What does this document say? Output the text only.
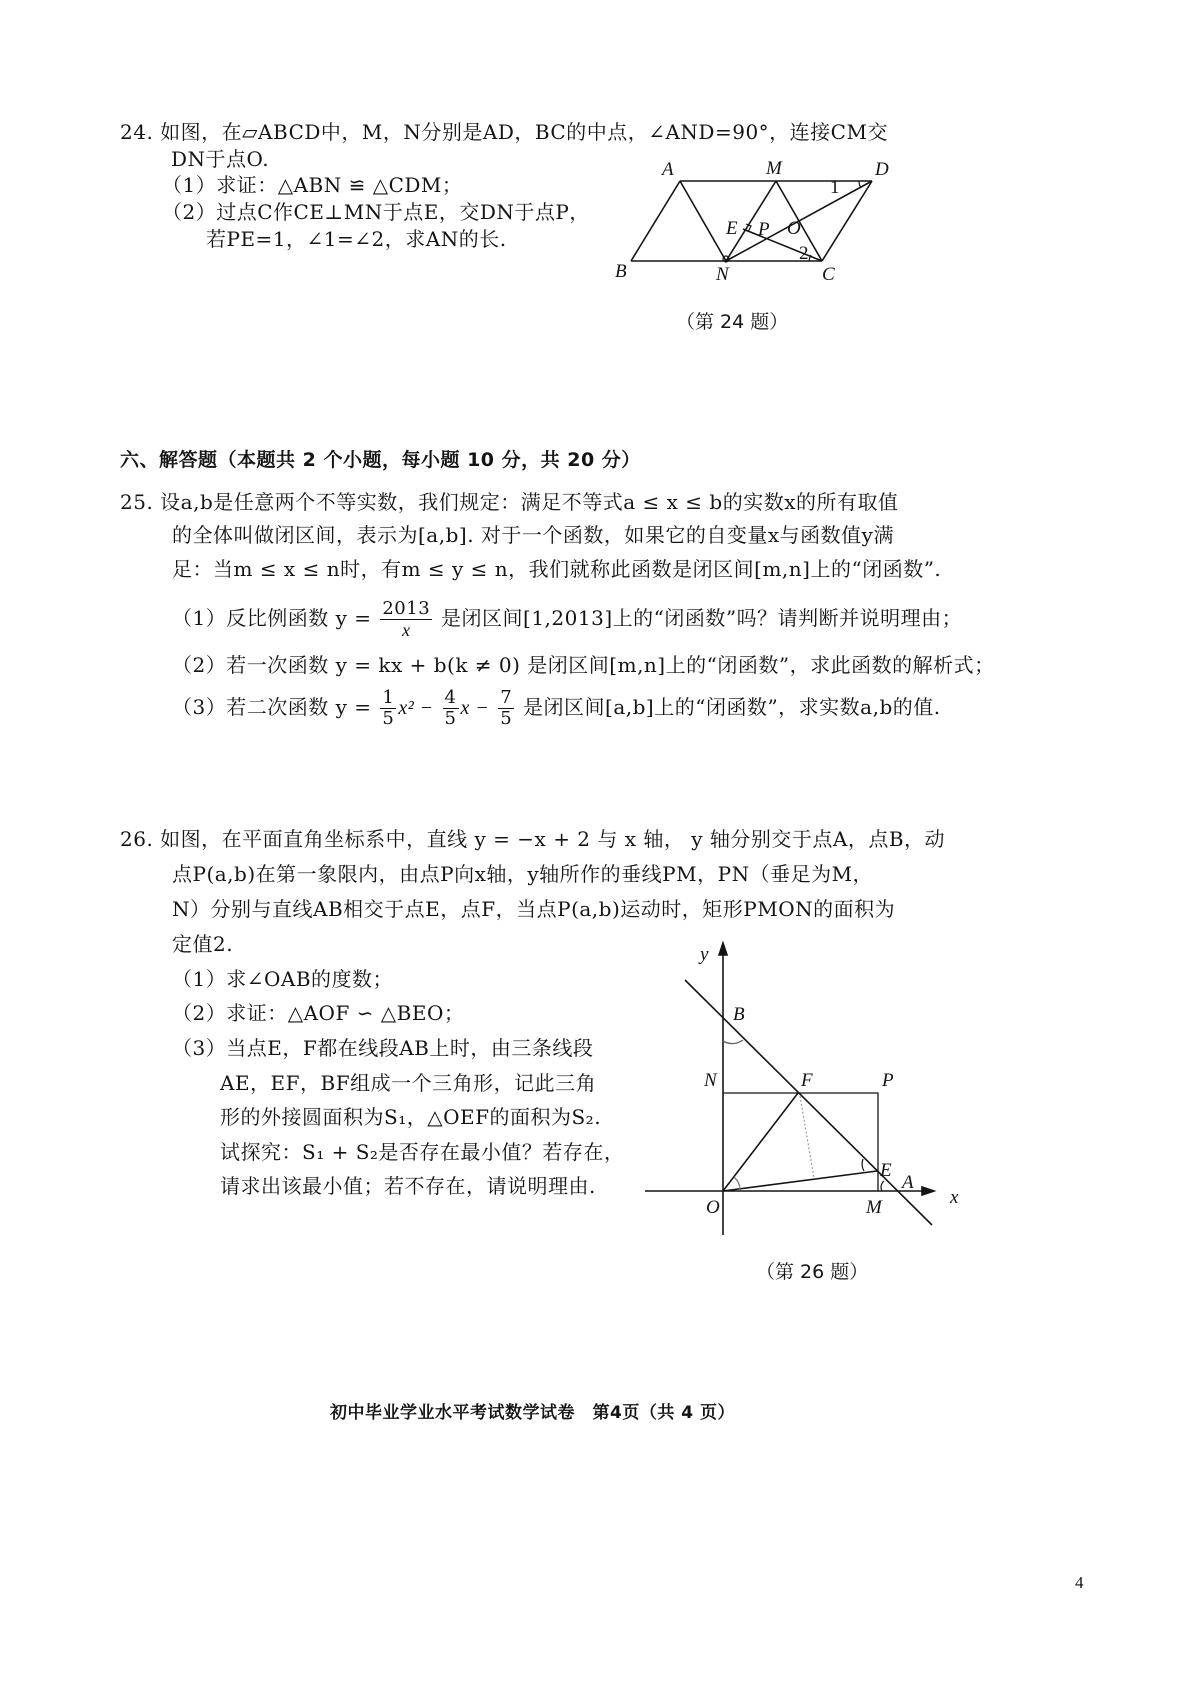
24. 如图，在▱ABCD中，M，N分别是AD，BC的中点，∠AND=90°，连接CM交
DN于点O.
（1）求证：△ABN ≌ △CDM；
（2）过点C作CE⊥MN于点E，交DN于点P，
若PE=1，∠1=∠2，求AN的长.
A	M	D
B	N	C
E P O
1
2
（第 24 题）
六、解答题（本题共 2 个小题，每小题 10 分，共 20 分）
25. 设a,b是任意两个不等实数，我们规定：满足不等式a ≤ x ≤ b的实数x的所有取值
的全体叫做闭区间，表示为[a,b]. 对于一个函数，如果它的自变量x与函数值y满
足：当m ≤ x ≤ n时，有m ≤ y ≤ n，我们就称此函数是闭区间[m,n]上的“闭函数”.
（1）反比例函数 $y = \frac{2013}{x}$ 是闭区间[1,2013]上的“闭函数”吗？请判断并说明理由；
（2）若一次函数 y = kx + b(k ≠ 0) 是闭区间[m,n]上的“闭函数”，求此函数的解析式；
（3）若二次函数 $y = \frac{1}{5} x^2 - \frac{4}{5}$ $x - \frac{7}{5}$ 是闭区间[a,b]上的“闭函数”，求实数a,b的值.
26. 如图，在平面直角坐标系中，直线 y = −x + 2 与 x 轴， y 轴分别交于点A，点B，动
点P(a,b)在第一象限内，由点P向x轴，y轴所作的垂线PM，PN（垂足为M，
N）分别与直线AB相交于点E，点F，当点P(a,b)运动时，矩形PMON的面积为
定值2.
（1）求∠OAB的度数；
（2）求证：△AOF ∽ △BEO；
（3）当点E，F都在线段AB上时，由三条线段
AE，EF，BF组成一个三角形，记此三角
形的外接圆面积为S₁，△OEF的面积为S₂.
试探究：S₁ + S₂是否存在最小值？若存在，
请求出该最小值；若不存在，请说明理由.
y
x
B
N	F	P
E
A
O	M
（第 26 题）
初中毕业学业水平考试数学试卷　第4页（共 4 页）
4
